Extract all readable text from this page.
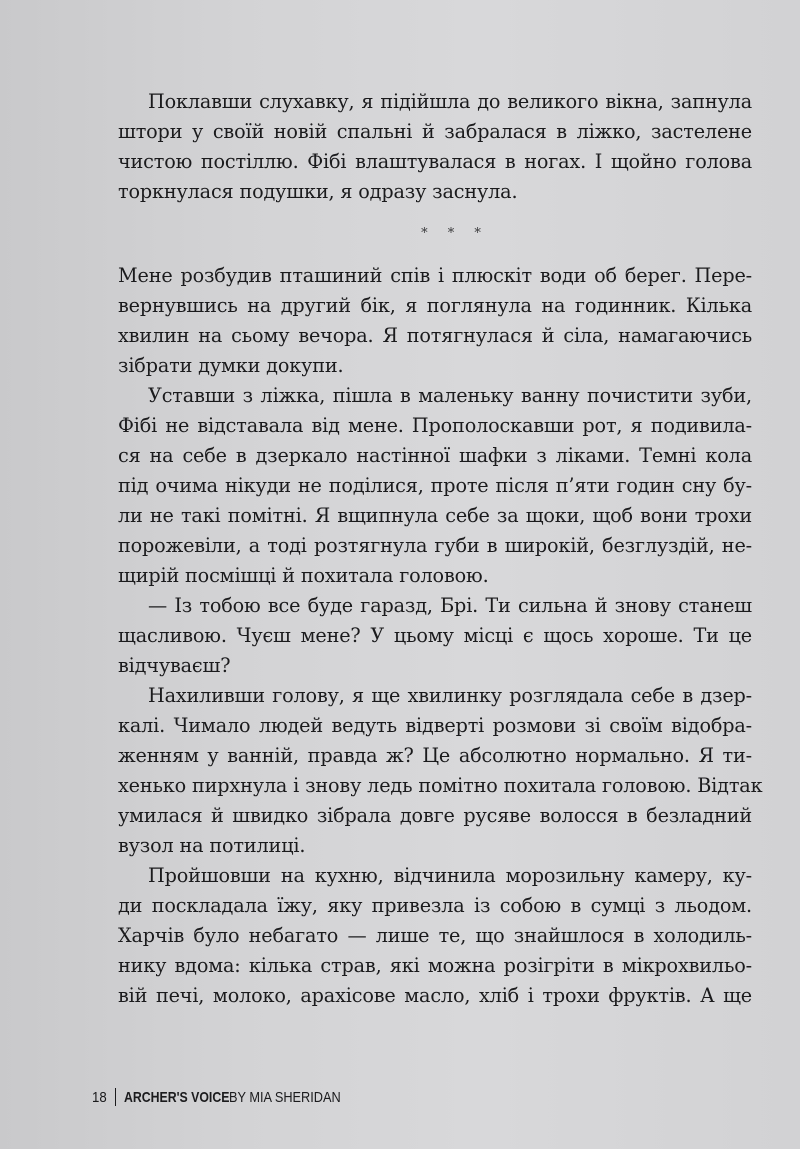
Поклавши слухавку, я підійшла до великого вікна, запнула
штори у своїй новій спальні й забралася в ліжко, застелене
чистою постіллю. Фібі влаштувалася в ногах. І щойно голова
торкнулася подушки, я одразу заснула.
* * *
Мене розбудив пташиний спів і плюскіт води об берег. Пере-
вернувшись на другий бік, я поглянула на годинник. Кілька
хвилин на сьому вечора. Я потягнулася й сіла, намагаючись
зібрати думки докупи.
Уставши з ліжка, пішла в маленьку ванну почистити зуби,
Фібі не відставала від мене. Прополоскавши рот, я подивила-
ся на себе в дзеркало настінної шафки з ліками. Темні кола
під очима нікуди не поділися, проте після п’яти годин сну бу-
ли не такі помітні. Я вщипнула себе за щоки, щоб вони трохи
порожевіли, а тоді розтягнула губи в широкій, безглуздій, не-
щирій посмішці й похитала головою.
— Із тобою все буде гаразд, Брі. Ти сильна й знову станеш
щасливою. Чуєш мене? У цьому місці є щось хороше. Ти це
відчуваєш?
Нахиливши голову, я ще хвилинку розглядала себе в дзер-
калі. Чимало людей ведуть відверті розмови зі своїм відобра-
женням у ванній, правда ж? Це абсолютно нормально. Я ти-
хенько пирхнула і знову ледь помітно похитала головою. Відтак
умилася й швидко зібрала довге русяве волосся в безладний
вузол на потилиці.
Пройшовши на кухню, відчинила морозильну камеру, ку-
ди поскладала їжу, яку привезла із собою в сумці з льодом.
Харчів було небагато — лише те, що знайшлося в холодиль-
нику вдома: кілька страв, які можна розігріти в мікрохвильо-
вій печі, молоко, арахісове масло, хліб і трохи фруктів. А ще
18 ARCHER'S VOICE BY MIA SHERIDAN
